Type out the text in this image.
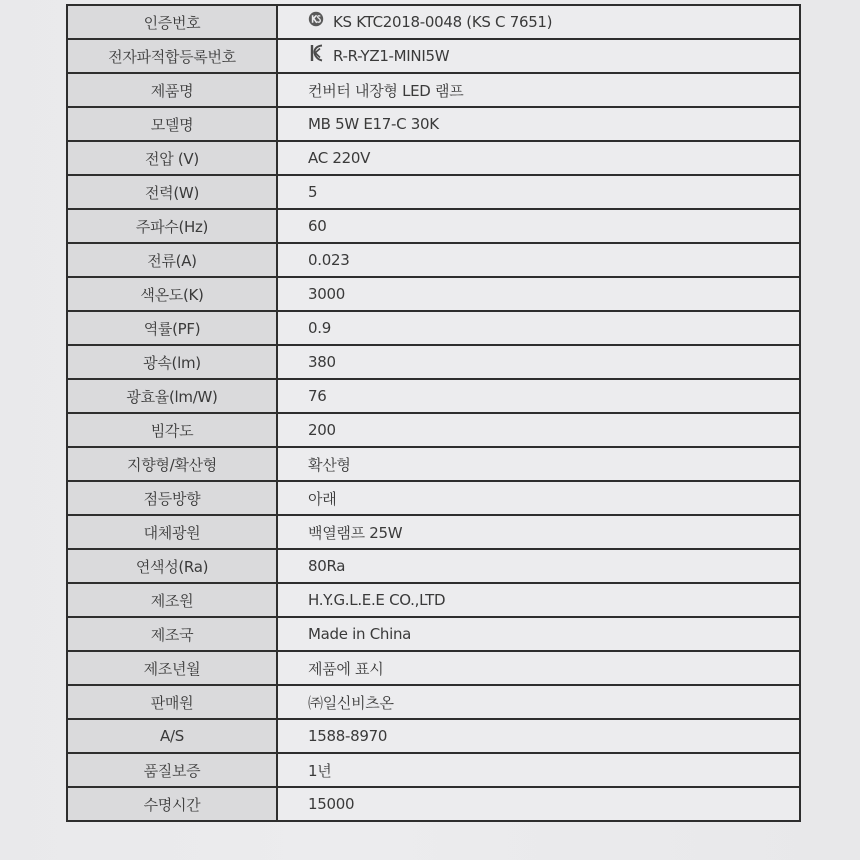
인증번호	KS KTC2018-0048 (KS C 7651)
전자파적합등록번호	R-R-YZ1-MINI5W
제품명	컨버터 내장형 LED 램프
모델명	MB 5W E17-C 30K
전압 (V)	AC 220V
전력(W)	5
주파수(Hz)	60
전류(A)	0.023
색온도(K)	3000
역률(PF)	0.9
광속(lm)	380
광효율(lm/W)	76
빔각도	200
지향형/확산형	확산형
점등방향	아래
대체광원	백열램프 25W
연색성(Ra)	80Ra
제조원	H.Y.G.L.E.E CO.,LTD
제조국	Made in China
제조년월	제품에 표시
판매원	㈜일신비츠온
A/S	1588-8970
품질보증	1년
수명시간	15000
